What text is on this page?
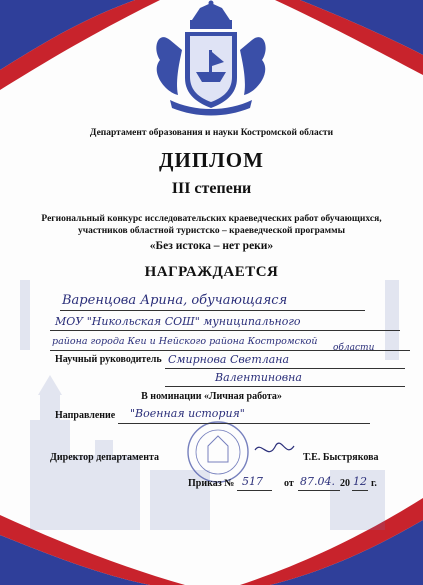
Департамент образования и науки Костромской области
ДИПЛОМ
III степени
Региональный конкурс исследовательских краеведческих работ обучающихся,
участников областной туристско – краеведческой программы
«Без истока – нет реки»
НАГРАЖДАЕТСЯ
Варенцова Арина, обучающаяся
МОУ "Никольская СОШ" муниципального
района города Кеи и Нейского района Костромской
Научный руководитель Смирнова Светлана
области
Валентиновна
В номинации «Личная работа»
Направление "Военная история"
Директор департамента	Т.Е. Быстрякова
Приказ № 517 от 87.04. 20 12 г.
